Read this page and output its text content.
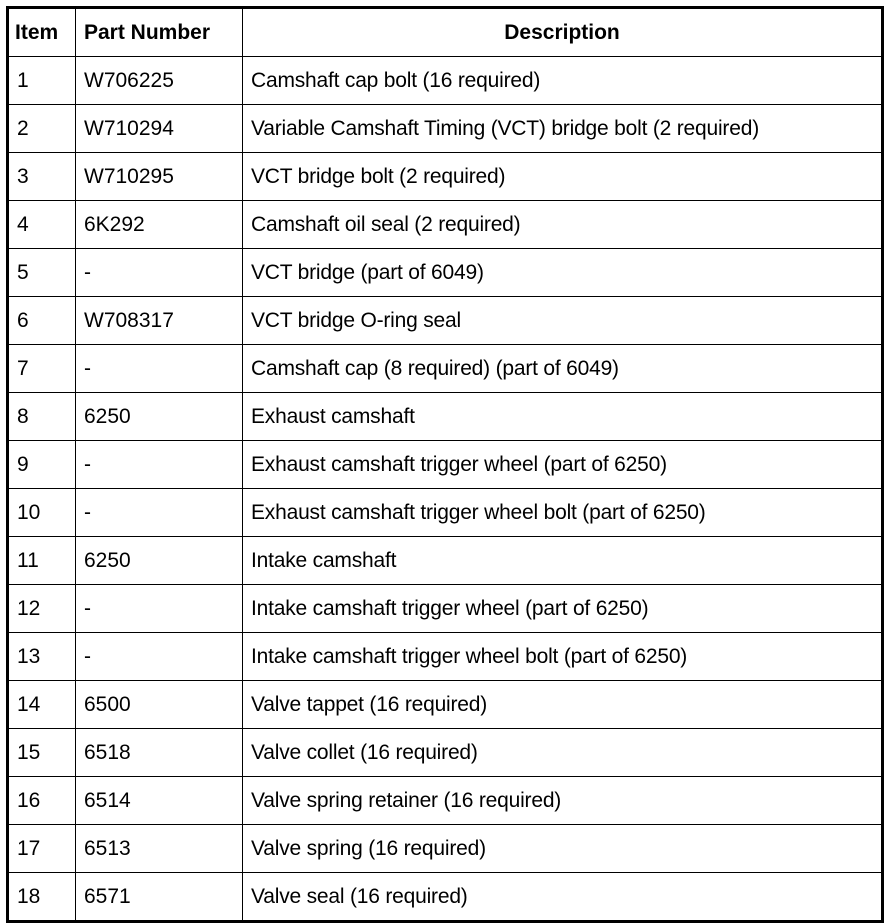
Item	Part Number	Description
1	W706225	Camshaft cap bolt (16 required)
2	W710294	Variable Camshaft Timing (VCT) bridge bolt (2 required)
3	W710295	VCT bridge bolt (2 required)
4	6K292	Camshaft oil seal (2 required)
5	-	VCT bridge (part of 6049)
6	W708317	VCT bridge O-ring seal
7	-	Camshaft cap (8 required) (part of 6049)
8	6250	Exhaust camshaft
9	-	Exhaust camshaft trigger wheel (part of 6250)
10	-	Exhaust camshaft trigger wheel bolt (part of 6250)
11	6250	Intake camshaft
12	-	Intake camshaft trigger wheel (part of 6250)
13	-	Intake camshaft trigger wheel bolt (part of 6250)
14	6500	Valve tappet (16 required)
15	6518	Valve collet (16 required)
16	6514	Valve spring retainer (16 required)
17	6513	Valve spring (16 required)
18	6571	Valve seal (16 required)
